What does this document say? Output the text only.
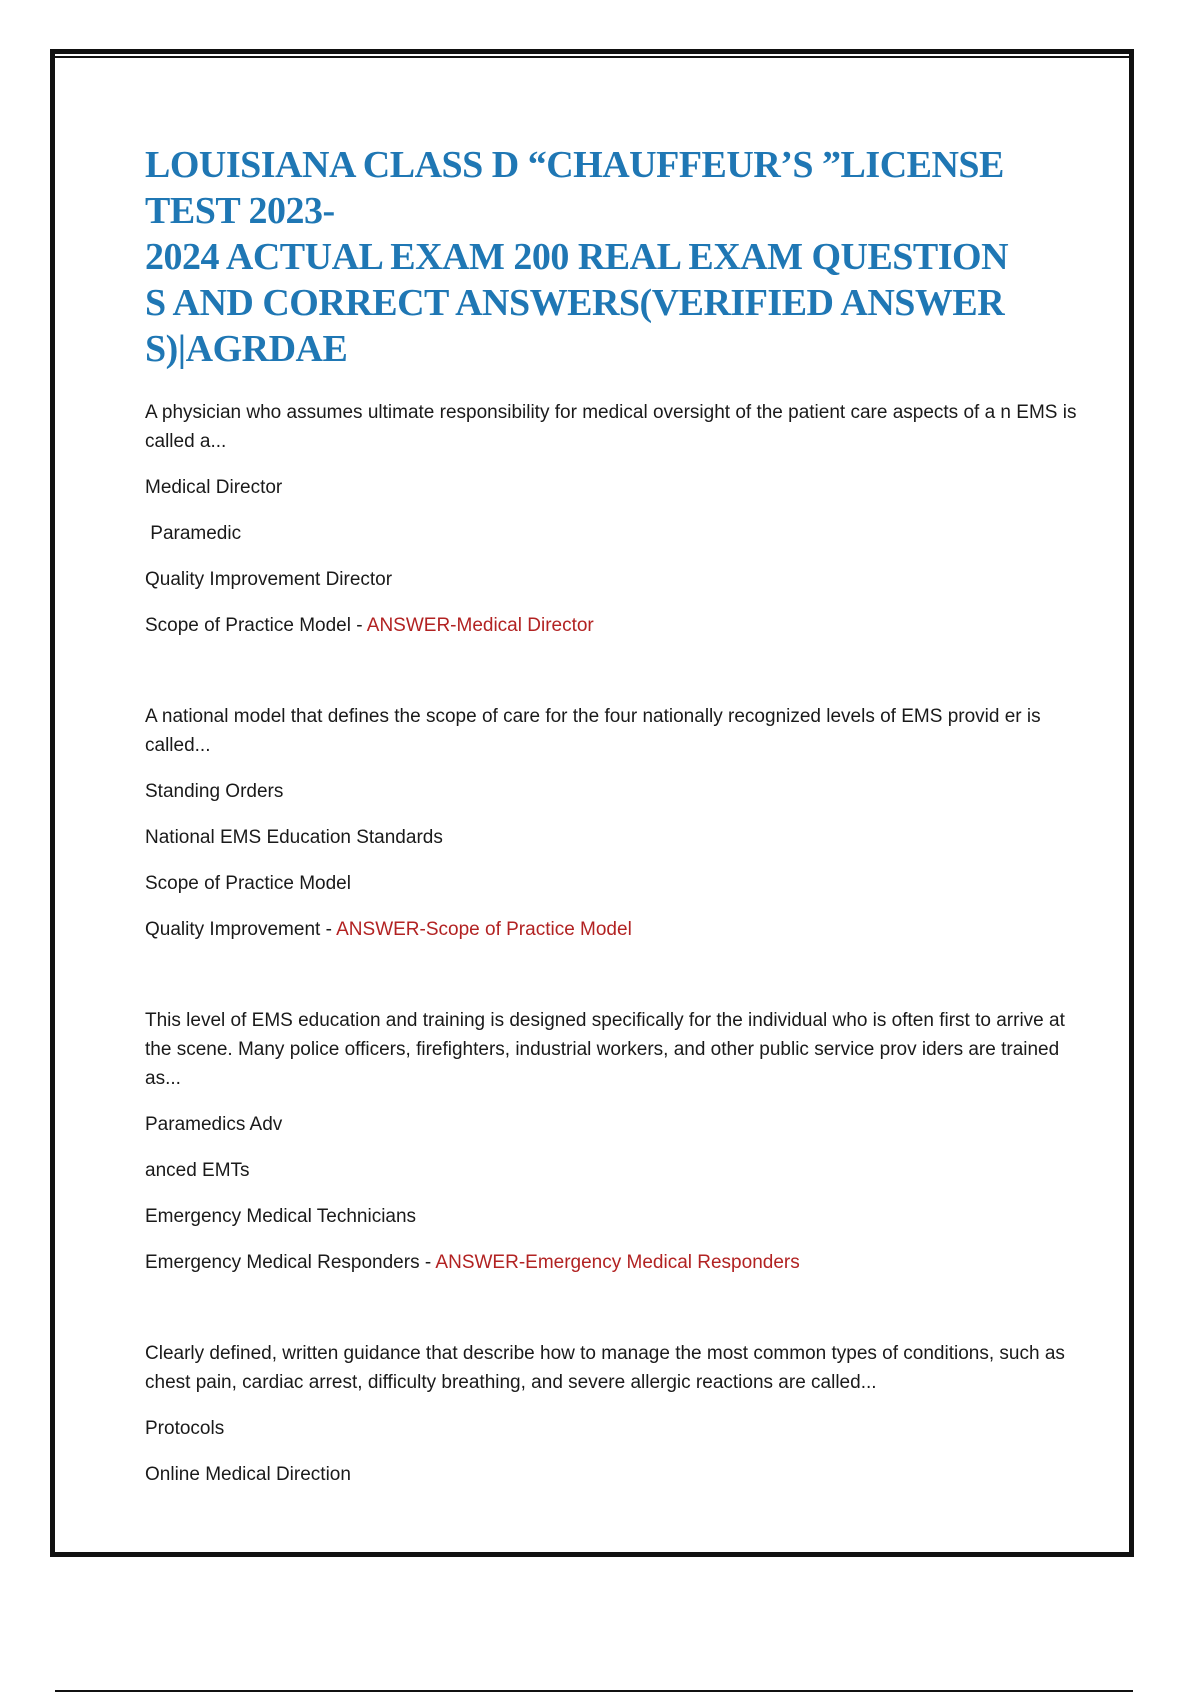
LOUISIANA CLASS D “CHAUFFEUR’S ”LICENSE
TEST 2023-
2024 ACTUAL EXAM 200 REAL EXAM QUESTION
S AND CORRECT ANSWERS(VERIFIED ANSWER
S)|AGRDAE

A physician who assumes ultimate responsibility for medical oversight of the patient care aspects of a n EMS is called a...

Medical Director

Paramedic

Quality Improvement Director

Scope of Practice Model - ANSWER-Medical Director

A national model that defines the scope of care for the four nationally recognized levels of EMS provid er is called...

Standing Orders

National EMS Education Standards

Scope of Practice Model

Quality Improvement - ANSWER-Scope of Practice Model

This level of EMS education and training is designed specifically for the individual who is often first to arrive at the scene. Many police officers, firefighters, industrial workers, and other public service prov iders are trained as...

Paramedics Adv

anced EMTs

Emergency Medical Technicians

Emergency Medical Responders - ANSWER-Emergency Medical Responders

Clearly defined, written guidance that describe how to manage the most common types of conditions, such as chest pain, cardiac arrest, difficulty breathing, and severe allergic reactions are called...

Protocols

Online Medical Direction
